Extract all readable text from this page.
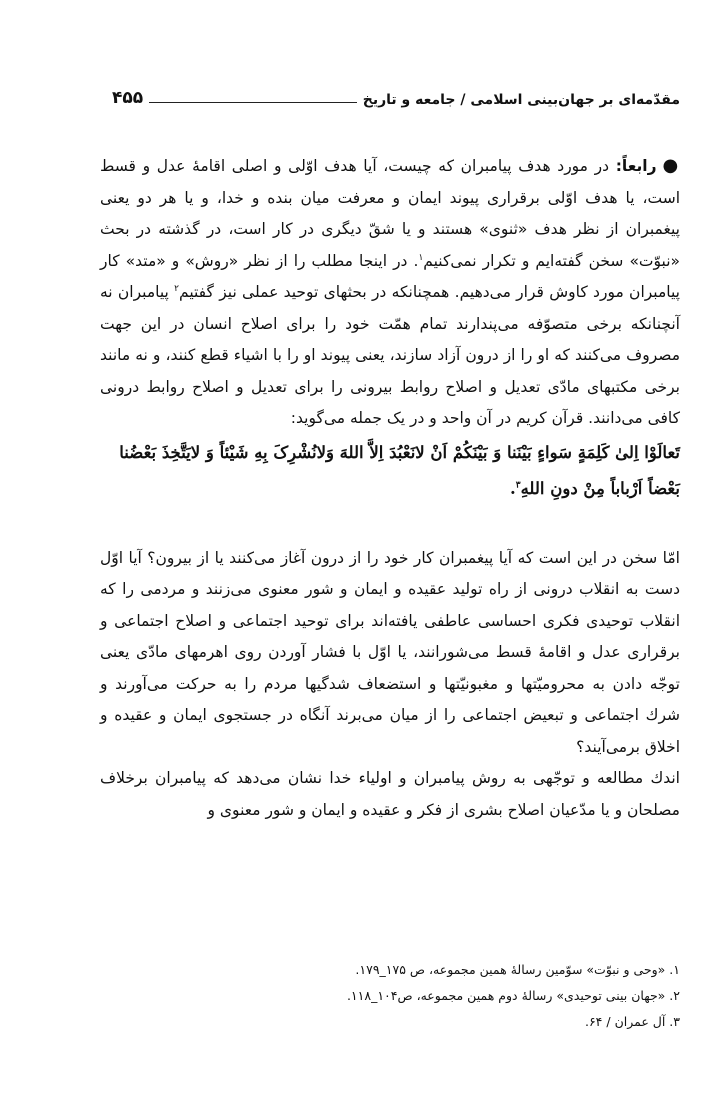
مقدّمه‌ای بر جهان‌بینی اسلامی / جامعه و تاریخ
۴۵۵

●رابعاً: در مورد هدف پیامبران که چیست، آیا هدف اوّلی و اصلی اقامۀ عدل و قسط است، یا هدف اوّلی برقراری پیوند ایمان و معرفت میان بنده و خدا، و یا هر دو یعنی پیغمبران از نظر هدف «ثنوی» هستند و یا شقّ دیگری در کار است، در گذشته در بحث «نبوّت» سخن گفته‌ایم و تکرار نمی‌کنیم$^۱$. در اینجا مطلب را از نظر «روش» و «متد» کار پیامبران مورد کاوش قرار می‌دهیم. همچنانکه در بحثهای توحید عملی نیز گفتیم$^۲$ پیامبران نه آنچنانکه برخی متصوّفه می‌پندارند تمام همّت خود را برای اصلاح انسان در این جهت مصروف می‌کنند که او را از درون آزاد سازند، یعنی پیوند او را با اشیاء قطع کنند، و نه مانند برخی مکتبهای مادّی تعدیل و اصلاح روابط بیرونی را برای تعدیل و اصلاح روابط درونی کافی می‌دانند. قرآن کریم در آن واحد و در یک جمله می‌گوید:

تَعالَوْا اِلیٰ کَلِمَةٍ سَواءٍ بَیْنَنا وَ بَیْنَکُمْ اَنْ لانَعْبُدَ اِلاَّ اللهَ وَلانُشْرِکَ بِهِ شَیْئاً وَ لایَتَّخِذَ بَعْضُنا بَعْضاً اَرْباباً مِنْ دونِ اللهِ$^۳$.

امّا سخن در این است که آیا پیغمبران کار خود را از درون آغاز می‌کنند یا از بیرون؟ آیا اوّل دست به انقلاب درونی از راه تولید عقیده و ایمان و شور معنوی می‌زنند و مردمی را که انقلاب توحیدی فکری احساسی عاطفی یافته‌اند برای توحید اجتماعی و اصلاح اجتماعی و برقراری عدل و اقامۀ قسط می‌شورانند، یا اوّل با فشار آوردن روی اهرمهای مادّی یعنی توجّه دادن به محرومیّتها و مغبونیّتها و استضعاف شدگیها مردم را به حرکت می‌آورند و شرك اجتماعی و تبعیض اجتماعی را از میان می‌برند آنگاه در جستجوی ایمان و عقیده و اخلاق برمی‌آیند؟

اندك مطالعه و توجّهی به روش پیامبران و اولیاء خدا نشان می‌دهد که پیامبران برخلاف مصلحان و یا مدّعیان اصلاح بشری از فکر و عقیده و ایمان و شور معنوی و

۱. «وحی و نبوّت» سوّمین رسالۀ همین مجموعه، ص ۱۷۵_۱۷۹.
۲. «جهان بینی توحیدی» رسالۀ دوم همین مجموعه، ص۱۰۴_۱۱۸.
۳. آل عمران / ۶۴.
